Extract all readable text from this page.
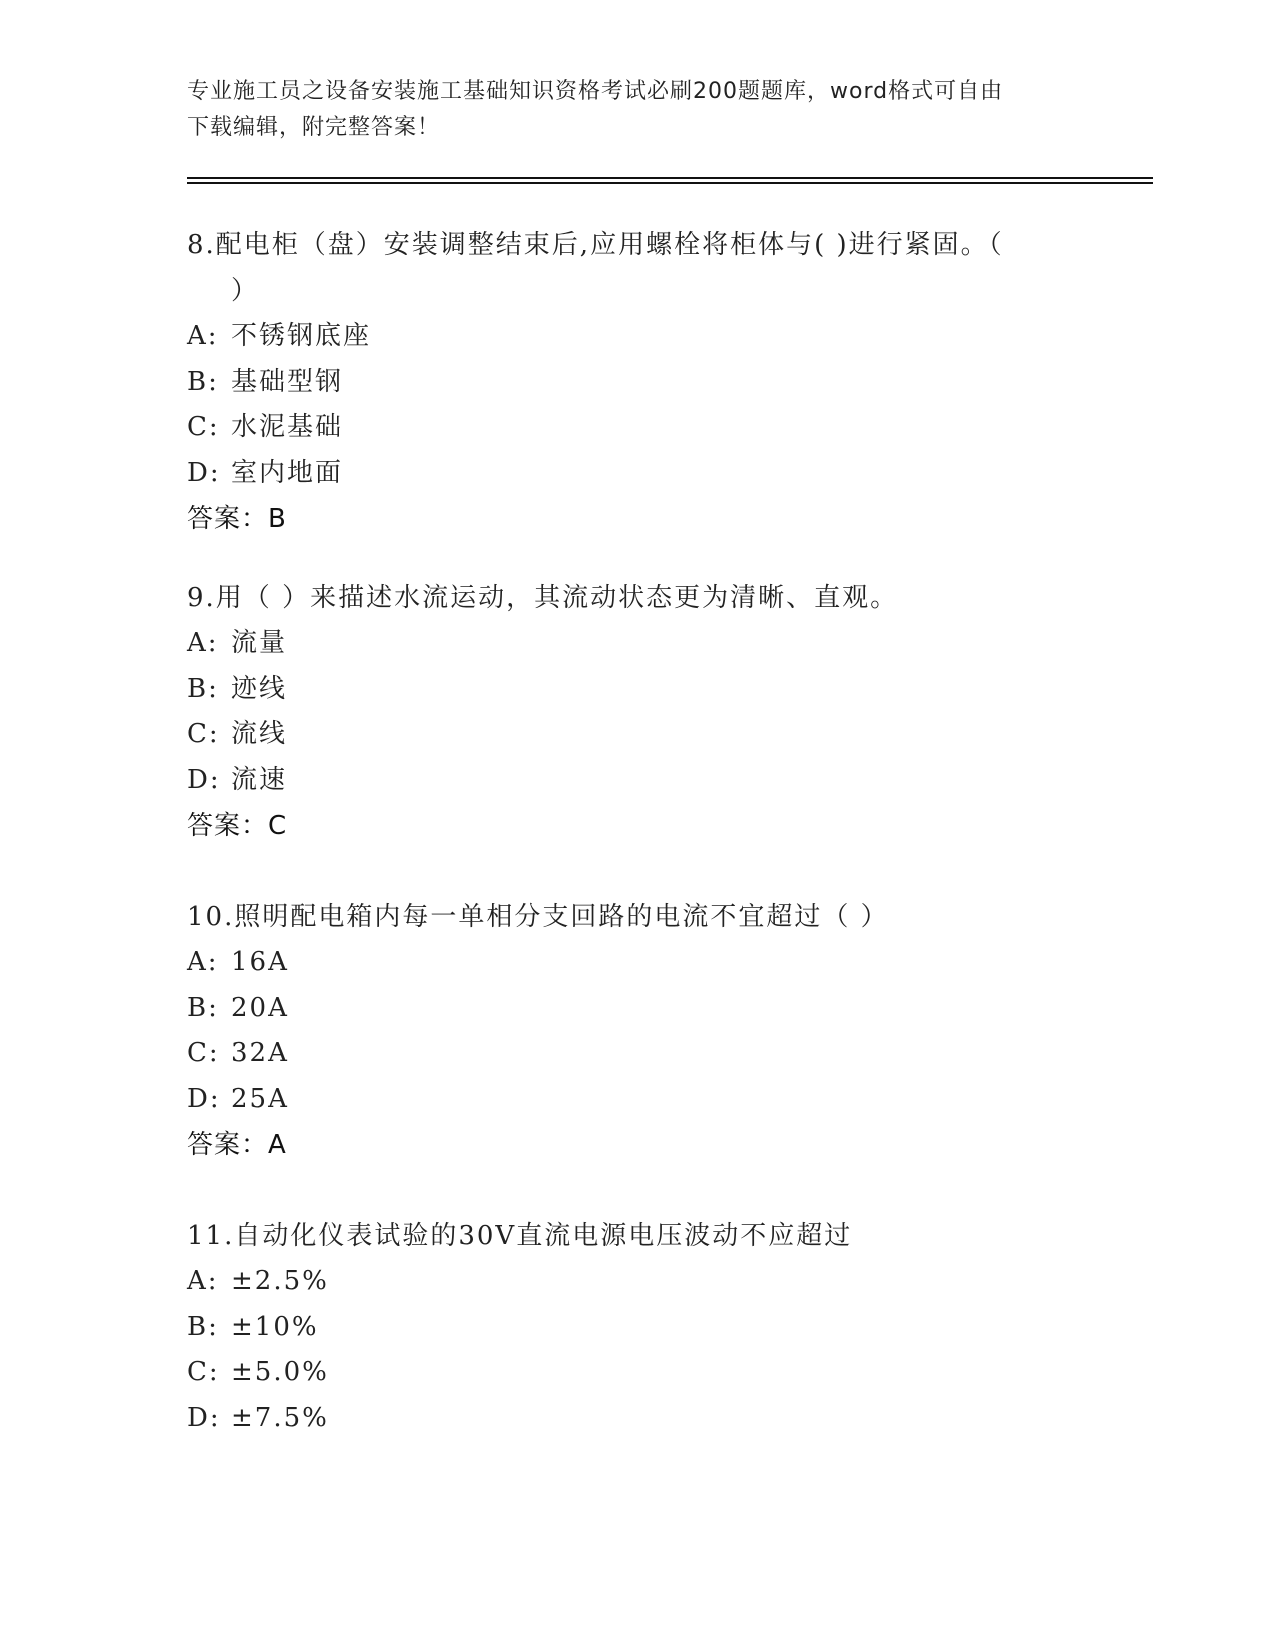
专业施工员之设备安装施工基础知识资格考试必刷200题题库，word格式可自由
下载编辑，附完整答案！

8.配电柜（盘）安装调整结束后,应用螺栓将柜体与( )进行紧固。（
）

A: 不锈钢底座

B: 基础型钢

C: 水泥基础

D: 室内地面

答案：B

9.用（ ）来描述水流运动，其流动状态更为清晰、直观。

A: 流量

B: 迹线

C: 流线

D: 流速

答案：C

10.照明配电箱内每一单相分支回路的电流不宜超过（ ）

A: 16A

B: 20A

C: 32A

D: 25A

答案：A

11.自动化仪表试验的30V直流电源电压波动不应超过

A: ±2.5%

B: ±10%

C: ±5.0%

D: ±7.5%
